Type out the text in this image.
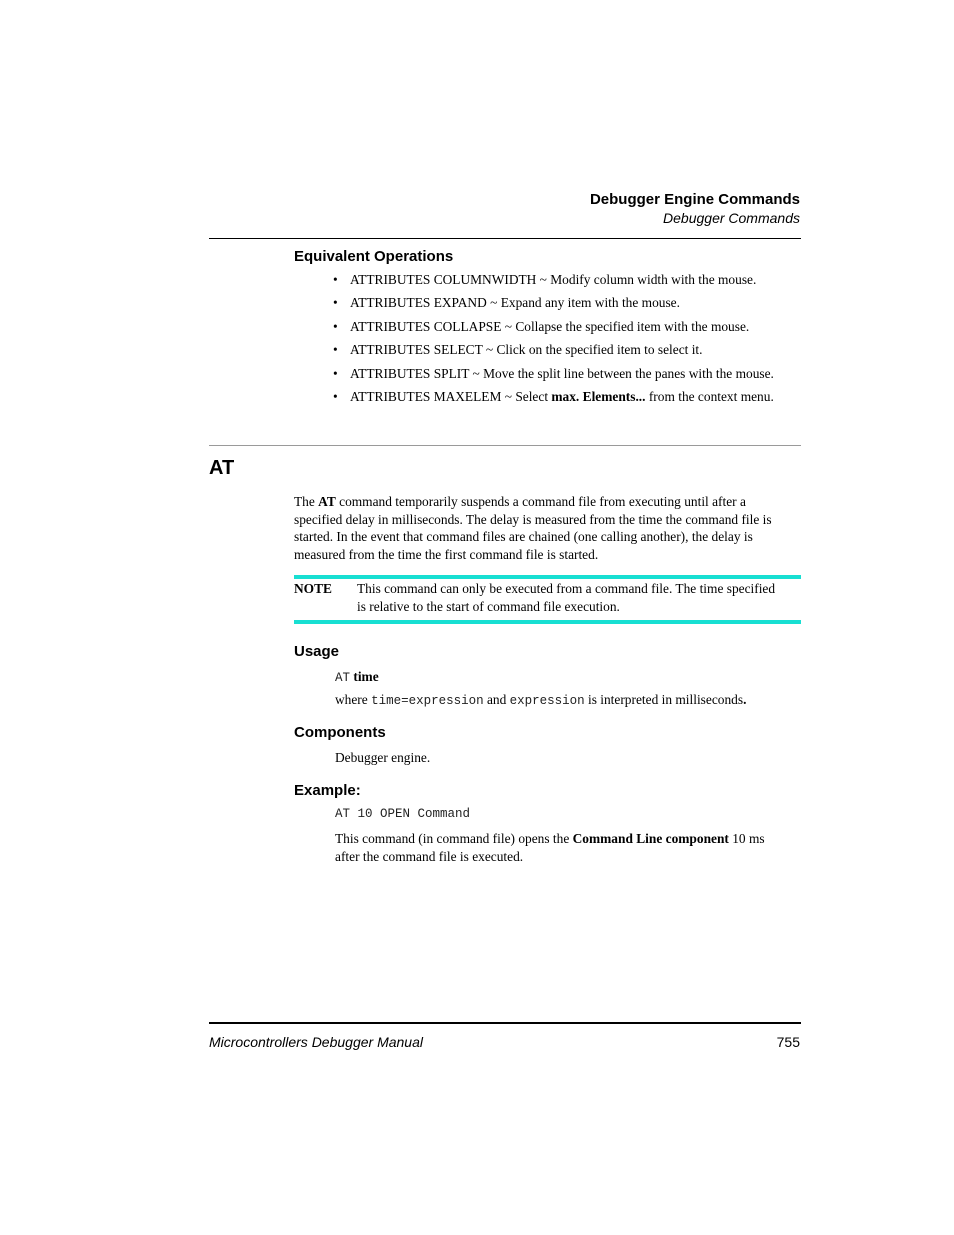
Debugger Engine Commands
Debugger Commands
Equivalent Operations
• ATTRIBUTES COLUMNWIDTH ~ Modify column width with the mouse.
• ATTRIBUTES EXPAND ~ Expand any item with the mouse.
• ATTRIBUTES COLLAPSE ~ Collapse the specified item with the mouse.
• ATTRIBUTES SELECT ~ Click on the specified item to select it.
• ATTRIBUTES SPLIT ~ Move the split line between the panes with the mouse.
• ATTRIBUTES MAXELEM ~ Select max. Elements... from the context menu.
AT
The AT command temporarily suspends a command file from executing until after a
specified delay in milliseconds. The delay is measured from the time the command file is
started. In the event that command files are chained (one calling another), the delay is
measured from the time the first command file is started.
NOTE This command can only be executed from a command file. The time specified
is relative to the start of command file execution.
Usage
AT time
where time=expression and expression is interpreted in milliseconds.
Components
Debugger engine.
Example:
AT 10 OPEN Command
This command (in command file) opens the Command Line component 10 ms
after the command file is executed.
Microcontrollers Debugger Manual	755
